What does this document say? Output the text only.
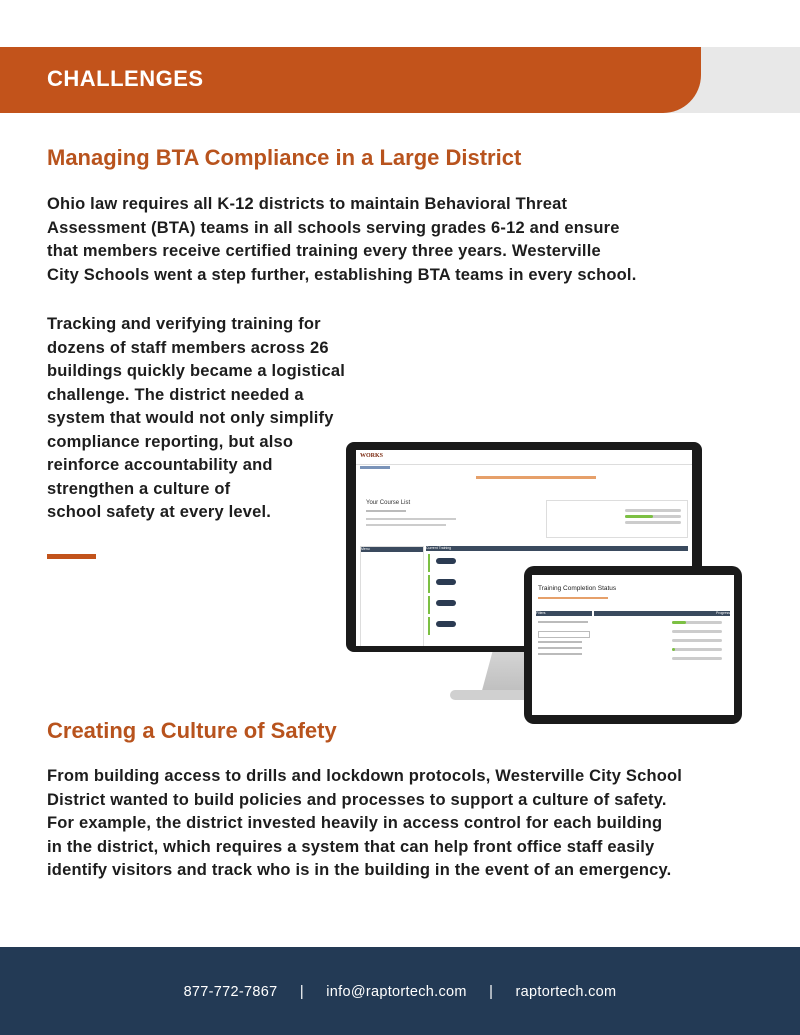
CHALLENGES
Managing BTA Compliance in a Large District

Ohio law requires all K-12 districts to maintain Behavioral Threat
Assessment (BTA) teams in all schools serving grades 6-12 and ensure
that members receive certified training every three years. Westerville
City Schools went a step further, establishing BTA teams in every school.

Tracking and verifying training for
dozens of staff members across 26
buildings quickly became a logistical
challenge. The district needed a
system that would not only simplify
compliance reporting, but also
reinforce accountability and
strengthen a culture of
school safety at every level.

WORKS
Your Course List
Menu	Current Training
Training Completion Status
Filters	Progress
Creating a Culture of Safety

From building access to drills and lockdown protocols, Westerville City School
District wanted to build policies and processes to support a culture of safety.
For example, the district invested heavily in access control for each building
in the district, which requires a system that can help front office staff easily
identify visitors and track who is in the building in the event of an emergency.

877-772-7867 | info@raptortech.com | raptortech.com
